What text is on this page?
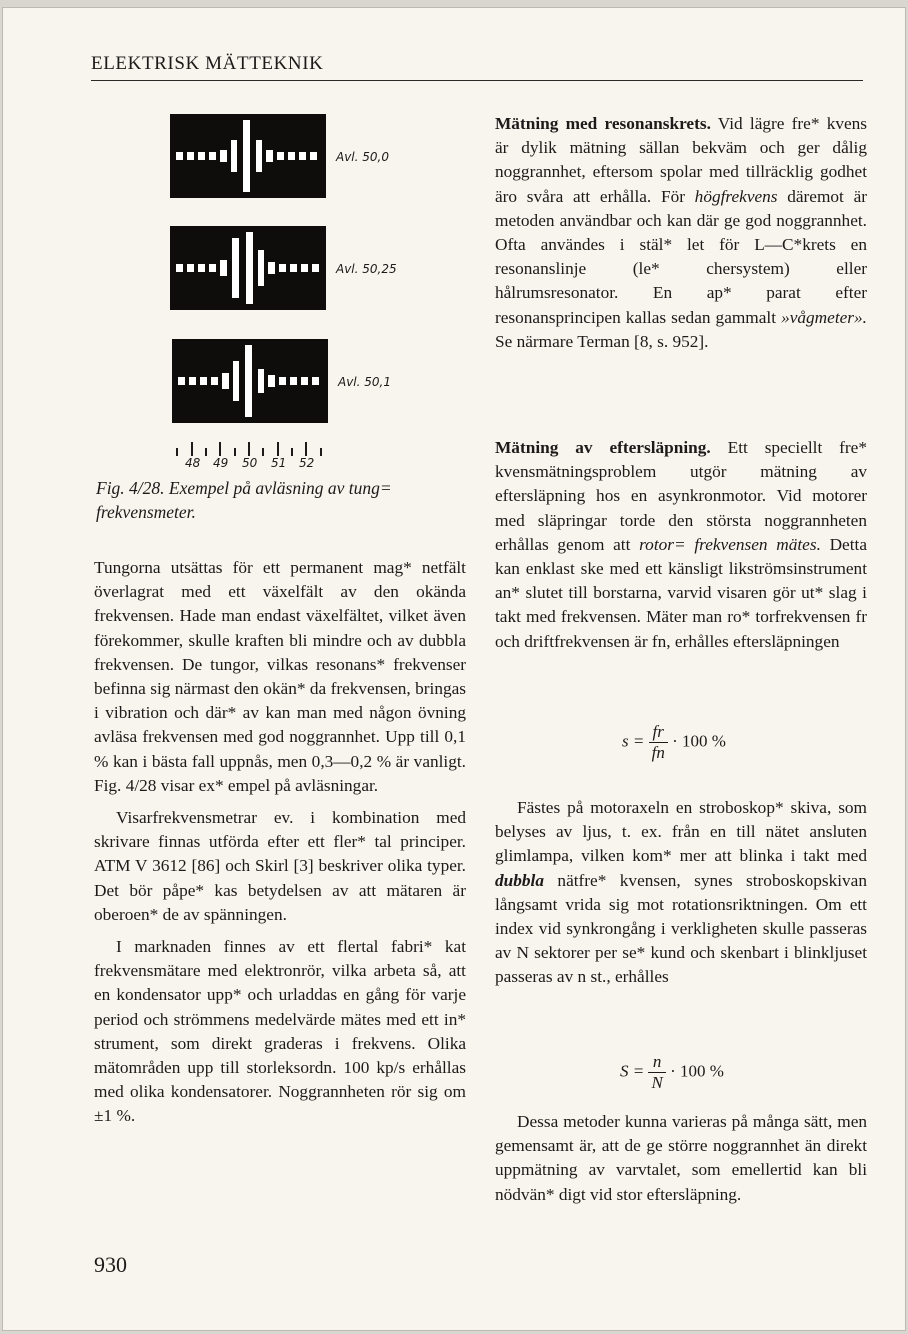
ELEKTRISK MÄTTEKNIK
Avl. 50,0
Avl. 50,25
Avl. 50,1
48 49 50 51 52
Fig. 4/28. Exempel på avläsning av tung= frekvensmeter.

Tungorna utsättas för ett permanent mag* netfält överlagrat med ett växelfält av den okända frekvensen. Hade man endast växelfältet, vilket även förekommer, skulle kraften bli mindre och av dubbla frekvensen. De tungor, vilkas resonans* frekvenser befinna sig närmast den okän* da frekvensen, bringas i vibration och där* av kan man med någon övning avläsa frekvensen med god noggrannhet. Upp till 0,1 % kan i bästa fall uppnås, men 0,3—0,2 % är vanligt. Fig. 4/28 visar ex* empel på avläsningar.

Visarfrekvensmetrar ev. i kombination med skrivare finnas utförda efter ett fler* tal principer. ATM V 3612 [86] och Skirl [3] beskriver olika typer. Det bör påpe* kas betydelsen av att mätaren är oberoen* de av spänningen.

I marknaden finnes av ett flertal fabri* kat frekvensmätare med elektronrör, vilka arbeta så, att en kondensator upp* och urladdas en gång för varje period och strömmens medelvärde mätes med ett in* strument, som direkt graderas i frekvens. Olika mätområden upp till storleksordn. 100 kp/s erhållas med olika kondensatorer. Noggrannheten rör sig om ±1 %.

Mätning med resonanskrets. Vid lägre fre* kvens är dylik mätning sällan bekväm och ger dålig noggrannhet, eftersom spolar med tillräcklig godhet äro svåra att erhålla. För högfrekvens däremot är metoden användbar och kan där ge god noggrannhet. Ofta användes i stäl* let för L—C*krets en resonanslinje (le* chersystem) eller hålrumsresonator. En ap* parat efter resonansprincipen kallas sedan gammalt »vågmeter». Se närmare Terman [8, s. 952].

Mätning av eftersläpning. Ett speciellt fre* kvensmätningsproblem utgör mätning av eftersläpning hos en asynkronmotor. Vid motorer med släpringar torde den största noggrannheten erhållas genom att rotor= frekvensen mätes. Detta kan enklast ske med ett känsligt likströmsinstrument an* slutet till borstarna, varvid visaren gör ut* slag i takt med frekvensen. Mäter man ro* torfrekvensen fr och driftfrekvensen är fn, erhålles eftersläpningen

$s = \frac{fr}{fn} \cdot 100$ %

Fästes på motoraxeln en stroboskop* skiva, som belyses av ljus, t. ex. från en till nätet ansluten glimlampa, vilken kom* mer att blinka i takt med dubbla nätfre* kvensen, synes stroboskopskivan långsamt vrida sig mot rotationsriktningen. Om ett index vid synkrongång i verkligheten skulle passeras av N sektorer per se* kund och skenbart i blinkljuset passeras av n st., erhålles

$S = \frac{n}{N} \cdot 100$ %

Dessa metoder kunna varieras på många sätt, men gemensamt är, att de ge större noggrannhet än direkt uppmätning av varvtalet, som emellertid kan bli nödvän* digt vid stor eftersläpning.

930
